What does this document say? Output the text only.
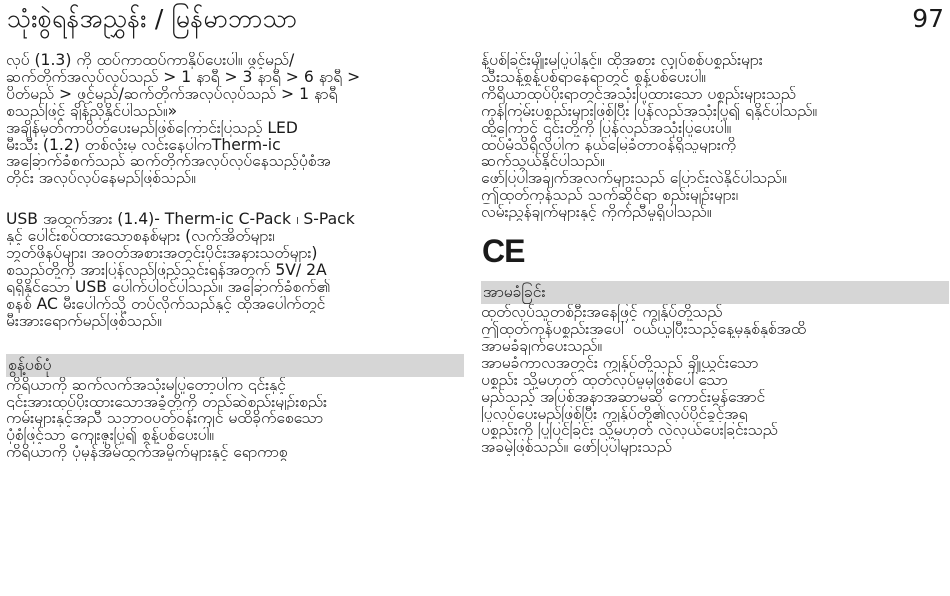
သုံးစွဲရန်အညွှန်း / မြန်မာဘာသာ	97

လုပ် (1.3) ကို ထပ်ကာထပ်ကာနှိပ်ပေးပါ။ ဖွင့်မည်/

ဆက်တိုက်အလုပ်လုပ်သည် > 1 နာရီ > 3 နာရီ > 6 နာရီ >

ပိတ်မည် > ဖွင့်မည်/ဆက်တိုက်အလုပ်လုပ်သည် > 1 နာရီ

စသည်ဖြင့် ချိန်ညှိနိုင်ပါသည်။»

အချိန်မှတ်ကာပိတ်ပေးမည်ဖြစ်ကြောင်းပြသည့် LED

မီးသီး (1.2) တစ်လုံးမှ လင်းနေပါကTherm-ic

အခြောက်ခံစက်သည် ဆက်တိုက်အလုပ်လုပ်နေသည့်ပုံစံအ

တိုင်း အလုပ်လုပ်နေမည်ဖြစ်သည်။

USB အထွက်အား (1.4)- Therm-ic C-Pack ၊ S-Pack

နှင့် ပေါင်းစပ်ထားသောစနစ်များ (လက်အိတ်များ၊

ဘွတ်ဖိနပ်များ၊ အဝတ်အစားအတွင်းပိုင်းအနားသတ်များ)

စသည်တို့ကို အားပြန်လည်ဖြည့်သွင်းရန်အတွက် 5V/ 2A

ရရှိနိုင်သော USB ပေါက်ပါဝင်ပါသည်။ အခြောက်ခံစက်၏

စနစ် AC မီးပေါက်သို့ တပ်လိုက်သည်နှင့် ထိုအပေါက်တွင်

မီးအားရောက်မည်ဖြစ်သည်။

စွန့်ပစ်ပုံ

ကိရိယာကို ဆက်လက်အသုံးမပြုတော့ပါက ၎င်းနှင့်

၎င်းအားထုပ်ပိုးထားသောအခွံတို့ကို တည်ဆဲစည်းမျဉ်းစည်း

ကမ်းများနှင့်အညီ သဘာဝပတ်ဝန်းကျင် မထိခိုက်စေသော

ပုံစံဖြင့်သာ ကျေးဇူးပြု၍ စွန့်ပစ်ပေးပါ။

ကိရိယာကို ပုံမှန်အိမ်ထွက်အမှိုက်များနှင့် ရောကာစွ

န့်ပစ်ခြင်းမျိုးမပြုပါနှင့်။ ထိုအစား လျှပ်စစ်ပစ္စည်းများ

သီးသန့်စွန့်ပစ်ရာနေရာတွင် စွန့်ပစ်ပေးပါ။

ကိရိယာထုပ်ပိုးရာတွင်အသုံးပြုထားသော ပစ္စည်းများသည်

ကုန်ကြမ်းပစ္စည်းများဖြစ်ပြီး ပြန်လည်အသုံးပြု၍ ရနိုင်ပါသည်။

ထို့ကြောင့် ၎င်းတို့ကို ပြန်လည်အသုံးပြုပေးပါ။

ထပ်မံသိရှိလိုပါက နယ်မြေခံတာဝန်ရှိသူများကို

ဆက်သွယ်နိုင်ပါသည်။

ဖော်ပြပါအချက်အလက်များသည် ပြောင်းလဲနိုင်ပါသည်။

ဤထုတ်ကုန်သည် သက်ဆိုင်ရာ စည်းမျဉ်းများ၊

လမ်းညွှန်ချက်များနှင့် ကိုက်ညီမှုရှိပါသည်။

CE

အာမခံခြင်း

ထုတ်လုပ်သူတစ်ဦးအနေဖြင့် ကျွန်ုပ်တို့သည်

ဤထုတ်ကုန်ပစ္စည်းအပေါ် ဝယ်ယူပြီးသည့်နေ့မှနှစ်နှစ်အထိ

အာမခံချက်ပေးသည်။

အာမခံကာလအတွင်း ကျွန်ုပ်တို့သည် ချို့ယွင်းသော

ပစ္စည်း သို့မဟုတ် ထုတ်လုပ်မှုမှဖြစ်ပေါ်သော

မည်သည့် အပြစ်အနာအဆာမဆို ကောင်းမွန်အောင်

ပြုလုပ်ပေးမည်ဖြစ်ပြီး ကျွန်ုပ်တို့၏လုပ်ပိုင်ခွင့်အရ

ပစ္စည်းကို ပြုပြင်ခြင်း သို့မဟုတ် လဲလှယ်ပေးခြင်းသည်

အခမဲ့ဖြစ်သည်။ ဖော်ပြပါများသည်
